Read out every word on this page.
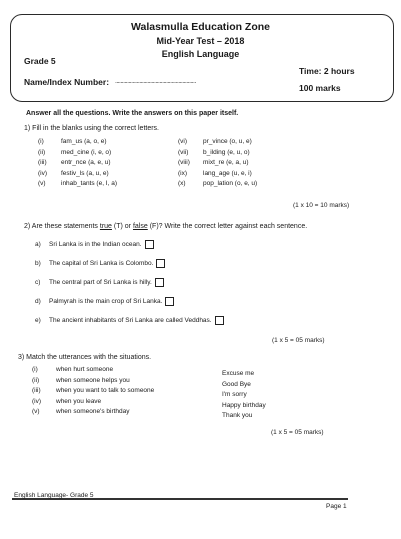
Walasmulla Education Zone
Mid-Year Test – 2018
English Language
Grade 5
Name/Index Number: ............................................................
Time: 2 hours
100 marks
Answer all the questions. Write the answers on this paper itself.
1) Fill in the blanks using the correct letters.
(i)	fam_us (a, o, e)
(ii) med_cine (i, e, o)
(iii) entr_nce (a, e, u)
(iv) festiv_ls (a, u, e)
(v) inhab_tants (e, I, a)
(vi) pr_vince (o, u, e)
(vii) b_ilding (e, u, o)
(viii) mixt_re (e, a, u)
(ix) lang_age (u, e, i)
(x)	pop_lation (o, e, u)
(1 x 10 = 10 marks)
2) Are these statements true (T) or false (F)? Write the correct letter against each sentence.
a) Sri Lanka is in the Indian ocean.
b) The capital of Sri Lanka is Colombo.
c) The central part of Sri Lanka is hilly.
d) Palmyrah is the main crop of Sri Lanka.
e) The ancient inhabitants of Sri Lanka are called Veddhas.
(1 x 5 = 05 marks)
3) Match the utterances with the situations.
(i)	when hurt someone
(ii)	when someone helps you
(iii) when you want to talk to someone
(iv) when you leave
(v)	when someone's birthday
Excuse me
Good Bye
I'm sorry
Happy birthday
Thank you
(1 x 5 = 05 marks)
English Language- Grade 5
Page 1
